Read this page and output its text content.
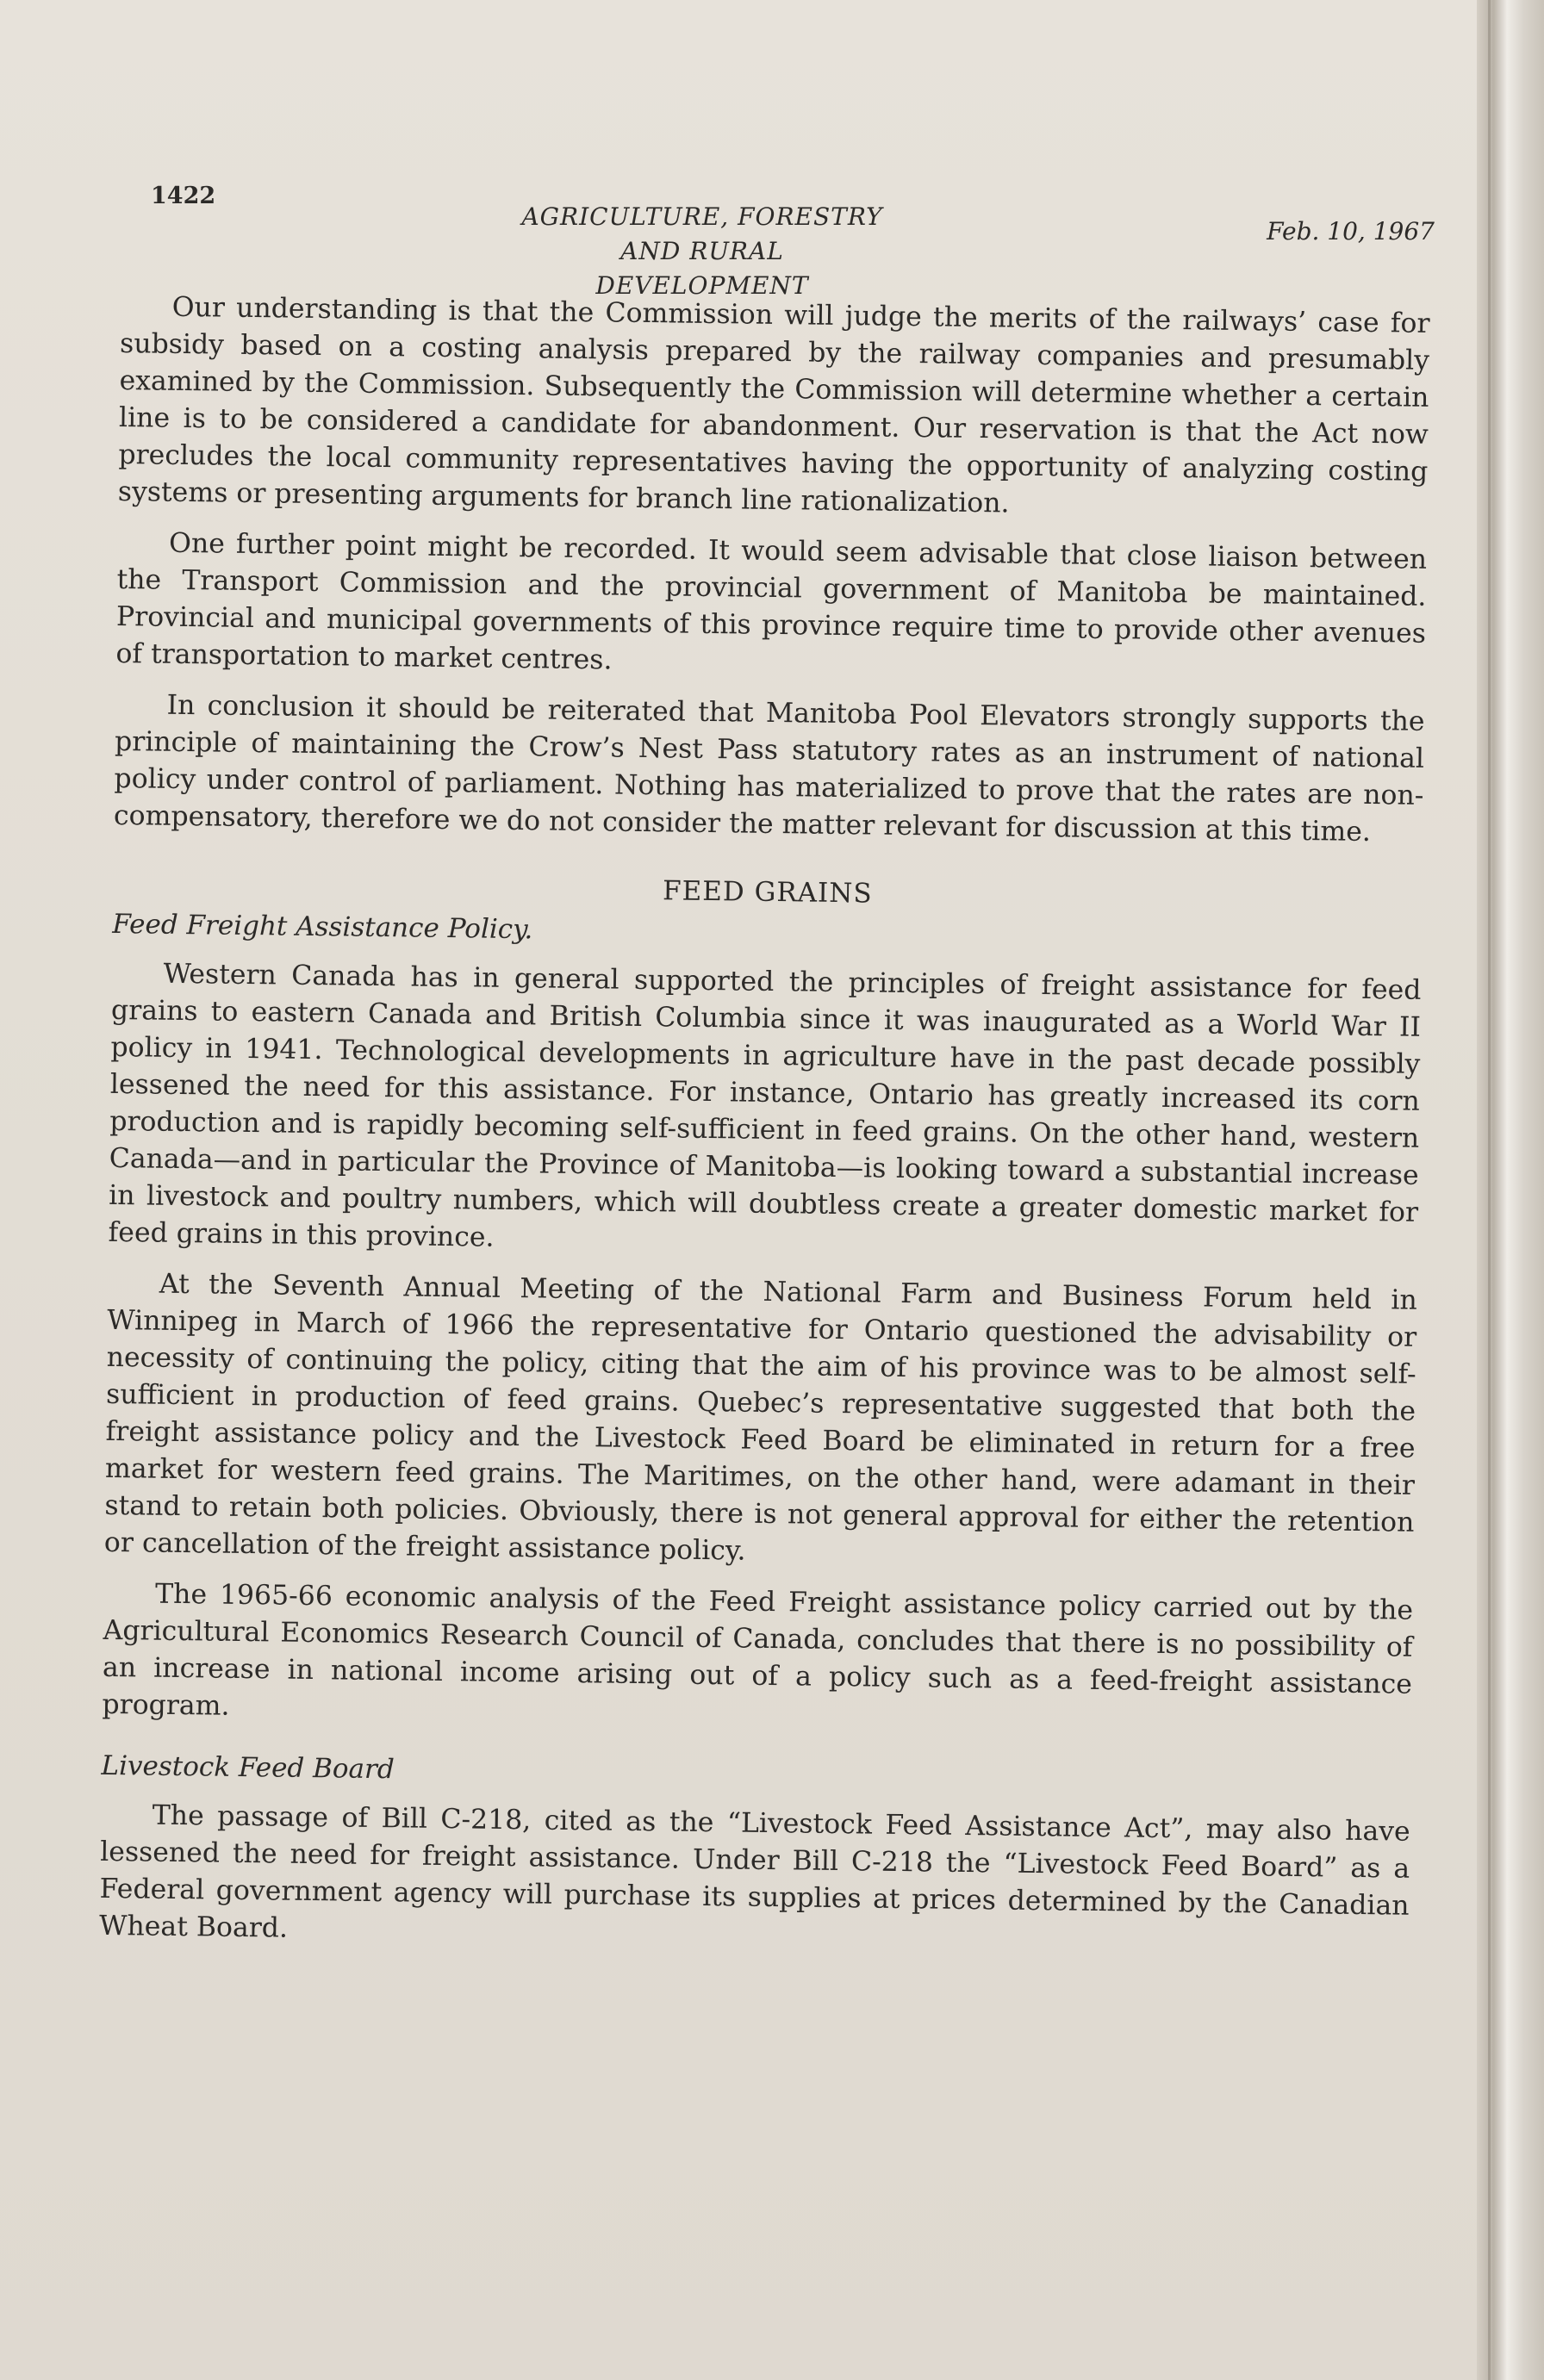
1422
AGRICULTURE, FORESTRY AND RURAL DEVELOPMENT
Feb. 10, 1967

Our understanding is that the Commission will judge the merits of the railways’ case for subsidy based on a costing analysis prepared by the railway companies and presumably examined by the Commission. Subsequently the Commission will determine whether a certain line is to be considered a candidate for abandonment. Our reservation is that the Act now precludes the local community representatives having the opportunity of analyzing costing systems or presenting arguments for branch line rationalization.

One further point might be recorded. It would seem advisable that close liaison between the Transport Commission and the provincial government of Manitoba be maintained. Provincial and municipal governments of this province require time to provide other avenues of transportation to market centres.

In conclusion it should be reiterated that Manitoba Pool Elevators strongly supports the principle of maintaining the Crow’s Nest Pass statutory rates as an instrument of national policy under control of parliament. Nothing has materialized to prove that the rates are non-compensatory, therefore we do not consider the matter relevant for discussion at this time.

FEED GRAINS
Feed Freight Assistance Policy.

Western Canada has in general supported the principles of freight assistance for feed grains to eastern Canada and British Columbia since it was inaugurated as a World War II policy in 1941. Technological developments in agriculture have in the past decade possibly lessened the need for this assistance. For instance, Ontario has greatly increased its corn production and is rapidly becoming self-sufficient in feed grains. On the other hand, western Canada—and in particular the Province of Manitoba—is looking toward a substantial increase in livestock and poultry numbers, which will doubtless create a greater domestic market for feed grains in this province.

At the Seventh Annual Meeting of the National Farm and Business Forum held in Winnipeg in March of 1966 the representative for Ontario questioned the advisability or necessity of continuing the policy, citing that the aim of his province was to be almost self-sufficient in production of feed grains. Quebec’s representative suggested that both the freight assistance policy and the Livestock Feed Board be eliminated in return for a free market for western feed grains. The Maritimes, on the other hand, were adamant in their stand to retain both policies. Obviously, there is not general approval for either the retention or cancellation of the freight assistance policy.

The 1965-66 economic analysis of the Feed Freight assistance policy carried out by the Agricultural Economics Research Council of Canada, concludes that there is no possibility of an increase in national income arising out of a policy such as a feed-freight assistance program.

Livestock Feed Board

The passage of Bill C-218, cited as the “Livestock Feed Assistance Act”, may also have lessened the need for freight assistance. Under Bill C-218 the “Livestock Feed Board” as a Federal government agency will purchase its supplies at prices determined by the Canadian Wheat Board.
